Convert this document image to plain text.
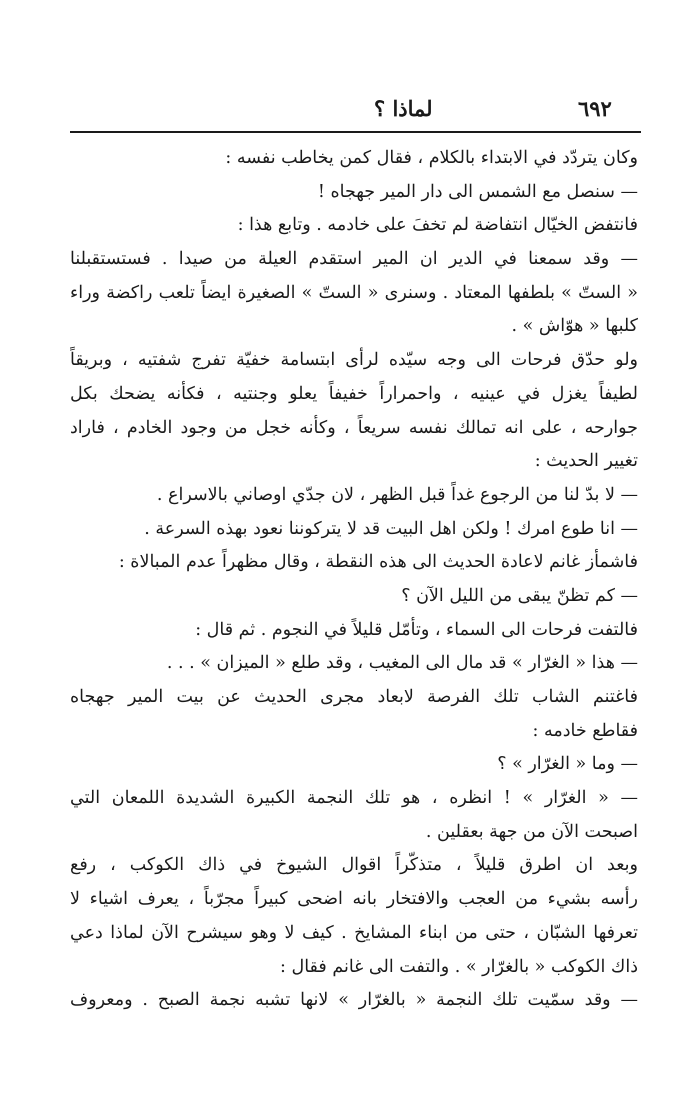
لماذا ؟	٦٩٢
وكان يتردّد في الابتداء بالكلام ، فقال كمن يخاطب نفسه :
— سنصل مع الشمس الى دار المير جهجاه !
فانتفض الخيّال انتفاضة لم تخفَ على خادمه . وتابع هذا :
— وقد سمعنا في الدير ان المير استقدم العيلة من صيدا . فستستقبلنا
« الستّ » بلطفها المعتاد . وسنرى « الستّ » الصغيرة ايضاً تلعب راكضة وراء
كلبها « هوّاش » .
ولو حدّق فرحات الى وجه سيّده لرأى ابتسامة خفيّة تفرج شفتيه ، وبريقاً
لطيفاً يغزل في عينيه ، واحمراراً خفيفاً يعلو وجنتيه ، فكأنه يضحك بكل
جوارحه ، على انه تمالك نفسه سريعاً ، وكأنه خجل من وجود الخادم ، فاراد
تغيير الحديث :
— لا بدّ لنا من الرجوع غداً قبل الظهر ، لان جدّي اوصاني بالاسراع .
— انا طوع امرك ! ولكن اهل البيت قد لا يتركوننا نعود بهذه السرعة .
فاشمأز غانم لاعادة الحديث الى هذه النقطة ، وقال مظهراً عدم المبالاة :
— كم تظنّ يبقى من الليل الآن ؟
فالتفت فرحات الى السماء ، وتأمّل قليلاً في النجوم . ثم قال :
— هذا « الغرّار » قد مال الى المغيب ، وقد طلع « الميزان » . . .
فاغتنم الشاب تلك الفرصة لابعاد مجرى الحديث عن بيت المير جهجاه
فقاطع خادمه :
— وما « الغرّار » ؟
— « الغرّار » ! انظره ، هو تلك النجمة الكبيرة الشديدة اللمعان التي
اصبحت الآن من جهة بعقلين .
وبعد ان اطرق قليلاً ، متذكّراً اقوال الشيوخ في ذاك الكوكب ، رفع
رأسه بشيء من العجب والافتخار بانه اضحى كبيراً مجرّباً ، يعرف اشياء لا
تعرفها الشبّان ، حتى من ابناء المشايخ . كيف لا وهو سيشرح الآن لماذا دعي
ذاك الكوكب « بالغرّار » . والتفت الى غانم فقال :
— وقد سمّيت تلك النجمة « بالغرّار » لانها تشبه نجمة الصبح . ومعروف
